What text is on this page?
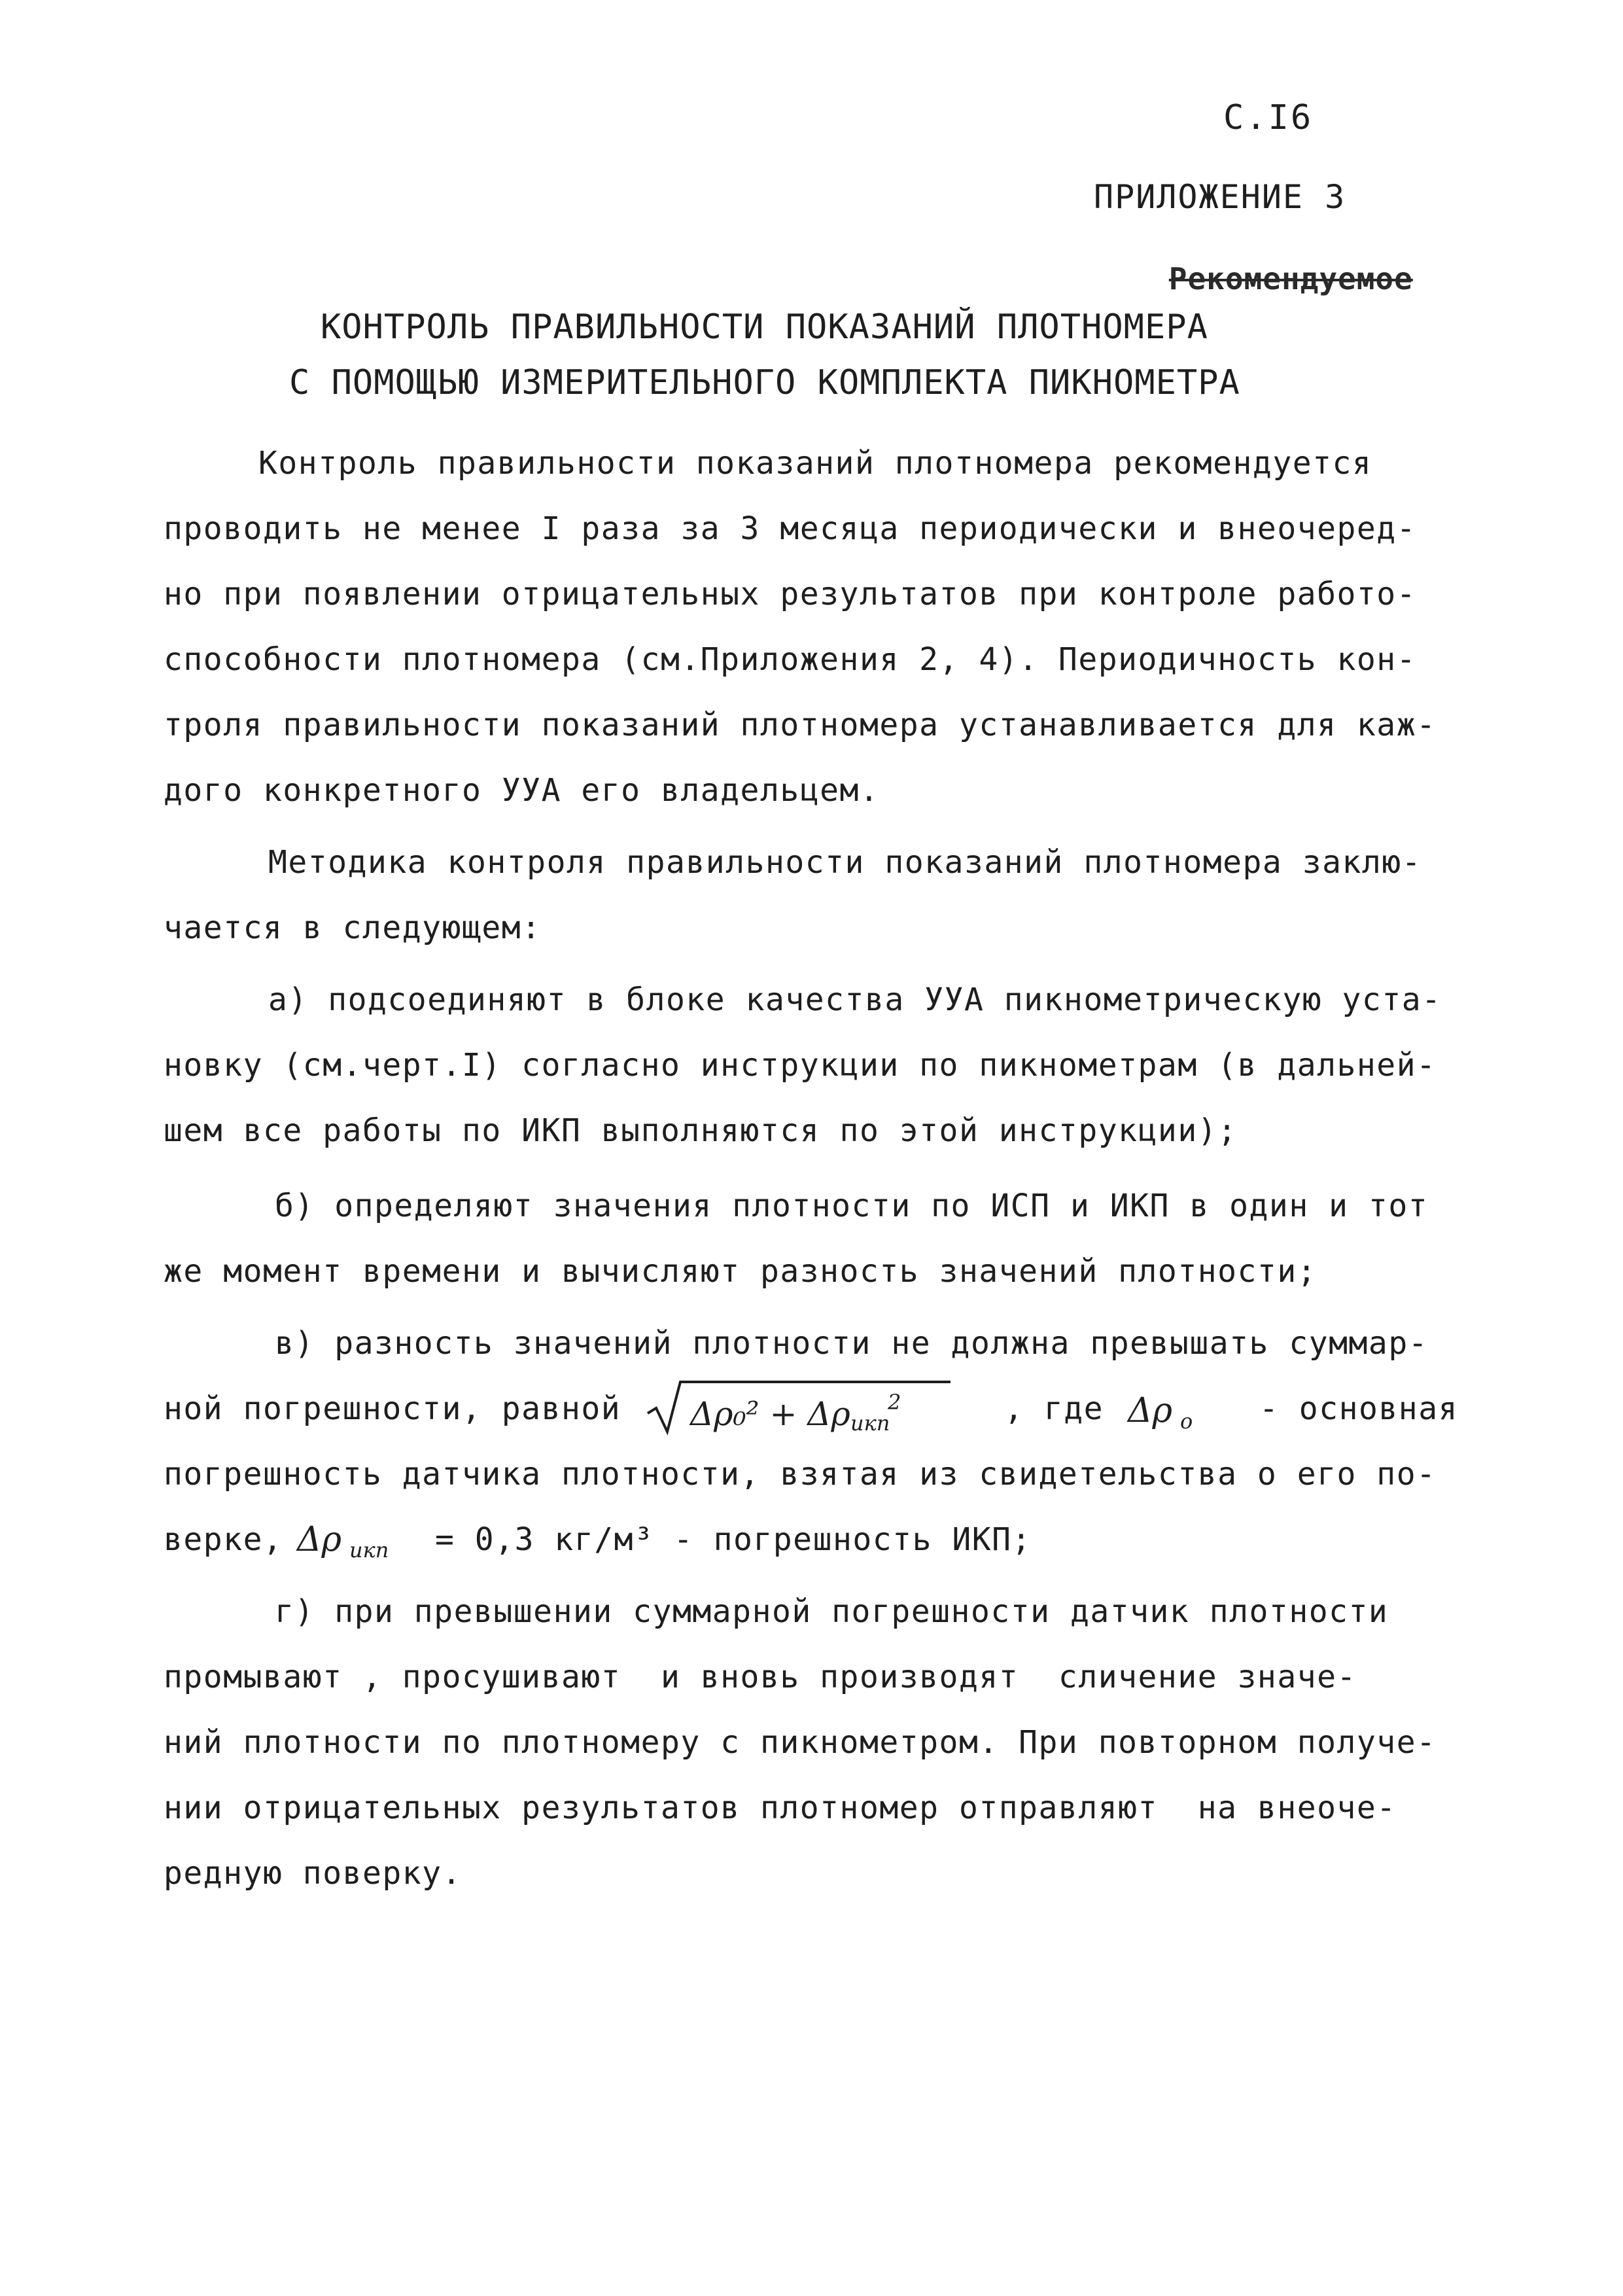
С.I6
ПРИЛОЖЕНИЕ 3

Рекомендуемое

КОНТРОЛЬ ПРАВИЛЬНОСТИ ПОКАЗАНИЙ ПЛОТНОМЕРА
С ПОМОЩЬЮ ИЗМЕРИТЕЛЬНОГО КОМПЛЕКТА ПИКНОМЕТРА
Контроль правильности показаний плотномера рекомендуется
проводить не менее I раза за 3 месяца периодически и внеочеред-
но при появлении отрицательных результатов при контроле работо-
способности плотномера (см.Приложения 2, 4). Периодичность кон-
троля правильности показаний плотномера устанавливается для каж-
дого конкретного УУА его владельцем.
Методика контроля правильности показаний плотномера заклю-
чается в следующем:
а) подсоединяют в блоке качества УУА пикнометрическую уста-
новку (см.черт.I) согласно инструкции по пикнометрам (в дальней-
шем все работы по ИКП выполняются по этой инструкции);
б) определяют значения плотности по ИСП и ИКП в один и тот
же момент времени и вычисляют разность значений плотности;
в) разность значений плотности не должна превышать суммар-
ной погрешности, равной Δρ₀² + Δρ икп
2	, где Δρ о - основная
погрешность датчика плотности, взятая из свидетельства о его по-
верке, Δρ икп = 0,3 кг/м³ - погрешность ИКП;
г) при превышении суммарной погрешности датчик плотности
промывают , просушивают  и вновь производят  сличение значе-
ний плотности по плотномеру с пикнометром. При повторном получе-
нии отрицательных результатов плотномер отправляют  на внеоче-
редную поверку.
